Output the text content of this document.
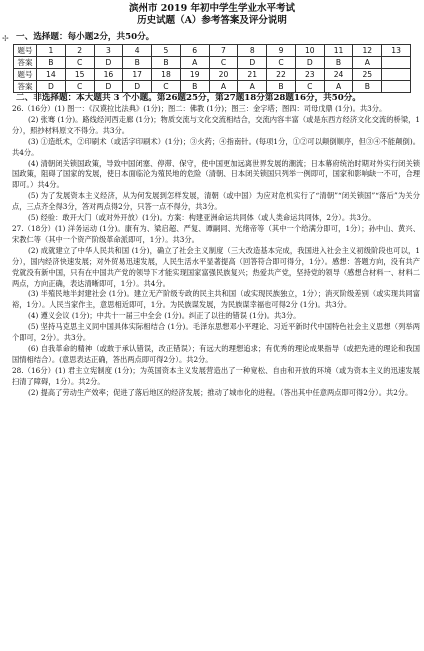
滨州市 2019 年初中学生学业水平考试
历史试题（A）参考答案及评分说明
✢ 一、选择题：每小题2分，共50分。
题号	1	2	3	4	5	6	7	8	9	10	11	12	13
答案	B	C	D	B	B	A	C	D	C	D	B	A	
题号	14	15	16	17	18	19	20	21	22	23	24	25	
答案	D	C	D	D	C	B	A	A	B	C	A	B	
二、非选择题：本大题共 3 个小题。第26题25分，第27题18分第28题16分，共50分。

26.（16分）(1) 图一：《汉谟拉比法典》(1分)；图二：佛教 (1分)；图三：金字塔；图四：司母戊鼎 (1分)。共3分。

(2) 张骞 (1分)。路线经河西走廊 (1分)；物质交流与文化交流相结合，交流内容丰富（或是东西方经济文化交流的桥梁，1分），照抄材料原文不得分。共3分。

(3) ①造纸术，②印刷术（或活字印刷术）(1分)；③火药；④指南针。(每项1分，①②可以颠倒顺序，但③④不能颠倒)。共4分。

(4) 清朝闭关锁国政策，导致中国闭塞、停滞、保守，使中国更加远离世界发展的潮流；日本幕府统治时期对外实行闭关锁国政策，阻碍了国家的发展，使日本面临沦为殖民地的危险（清朝、日本闭关锁国只列举一例即可，国家和影响缺一不可，合理即可。）共4分。

(5) 为了发展资本主义经济，从为何发展到怎样发展，清朝（或中国）为应对危机实行了“清朝”“闭关锁国”“落后”为关分点，三点齐全得3分，答对两点得2分，只答一点不得分，共3分。

(5) 经验：敢开大门（或对外开放）(1分)。方案：构建亚洲命运共同体（或人类命运共同体，2分）。共3分。

27.（18分）(1) 洋务运动 (1分)。康有为、梁启超、严复、谭嗣同、光绪帝等（其中一个给满分即可，1分）；孙中山、黄兴、宋教仁等（其中一个资产阶级革命派即可，1分）。共3分。

(2) 成就建立了中华人民共和国 (1分)，确立了社会主义制度（三大改造基本完成，我国进入社会主义初级阶段也可以，1分），国内经济快速发展；对外贸易迅速发展，人民生活水平显著提高（回答符合即可得分，1分）。感想：答题方向，没有共产党就没有新中国，只有在中国共产党的领导下才能实现国家富强民族复兴；热爱共产党，坚持党的领导（感想合材料一、材料二两点，方向正确，表达清晰即可，1分）。共4分。

(3) 半殖民地半封建社会 (1分)。建立无产阶级专政的民主共和国（或实现民族独立，1分）；消灭阶级差别（或实现共同富裕，1分）。人民当家作主，意思相近即可，1分。为民族谋发展，为民族谋幸福也可得2分 (1分)。共3分。

(4) 遵义会议 (1分)；中共十一届三中全会 (1分)。纠正了以往的错误 (1分)。共3分。

(5) 坚持马克思主义同中国具体实际相结合 (1分)。毛泽东思想邓小平理论、习近平新时代中国特色社会主义思想（列举两个即可，2分）。共3分。

(6) 自我革命的精神（或敢于承认错误，改正错误）；有远大的理想追求；有优秀的理论成果指导（或把先进的理论和我国国情相结合）。(意思表达正确，答出两点即可得2分）。共2分。

28.（16分）(1) 君主立宪制度 (1分)；为英国资本主义发展营造出了一种宽松、自由和开放的环境（或为资本主义的迅速发展扫清了障碍，1分）。共2分。

(2) 提高了劳动生产效率；促进了落后地区的经济发展；推动了城市化的进程。（答出其中任意两点即可得2分）。共2分。
